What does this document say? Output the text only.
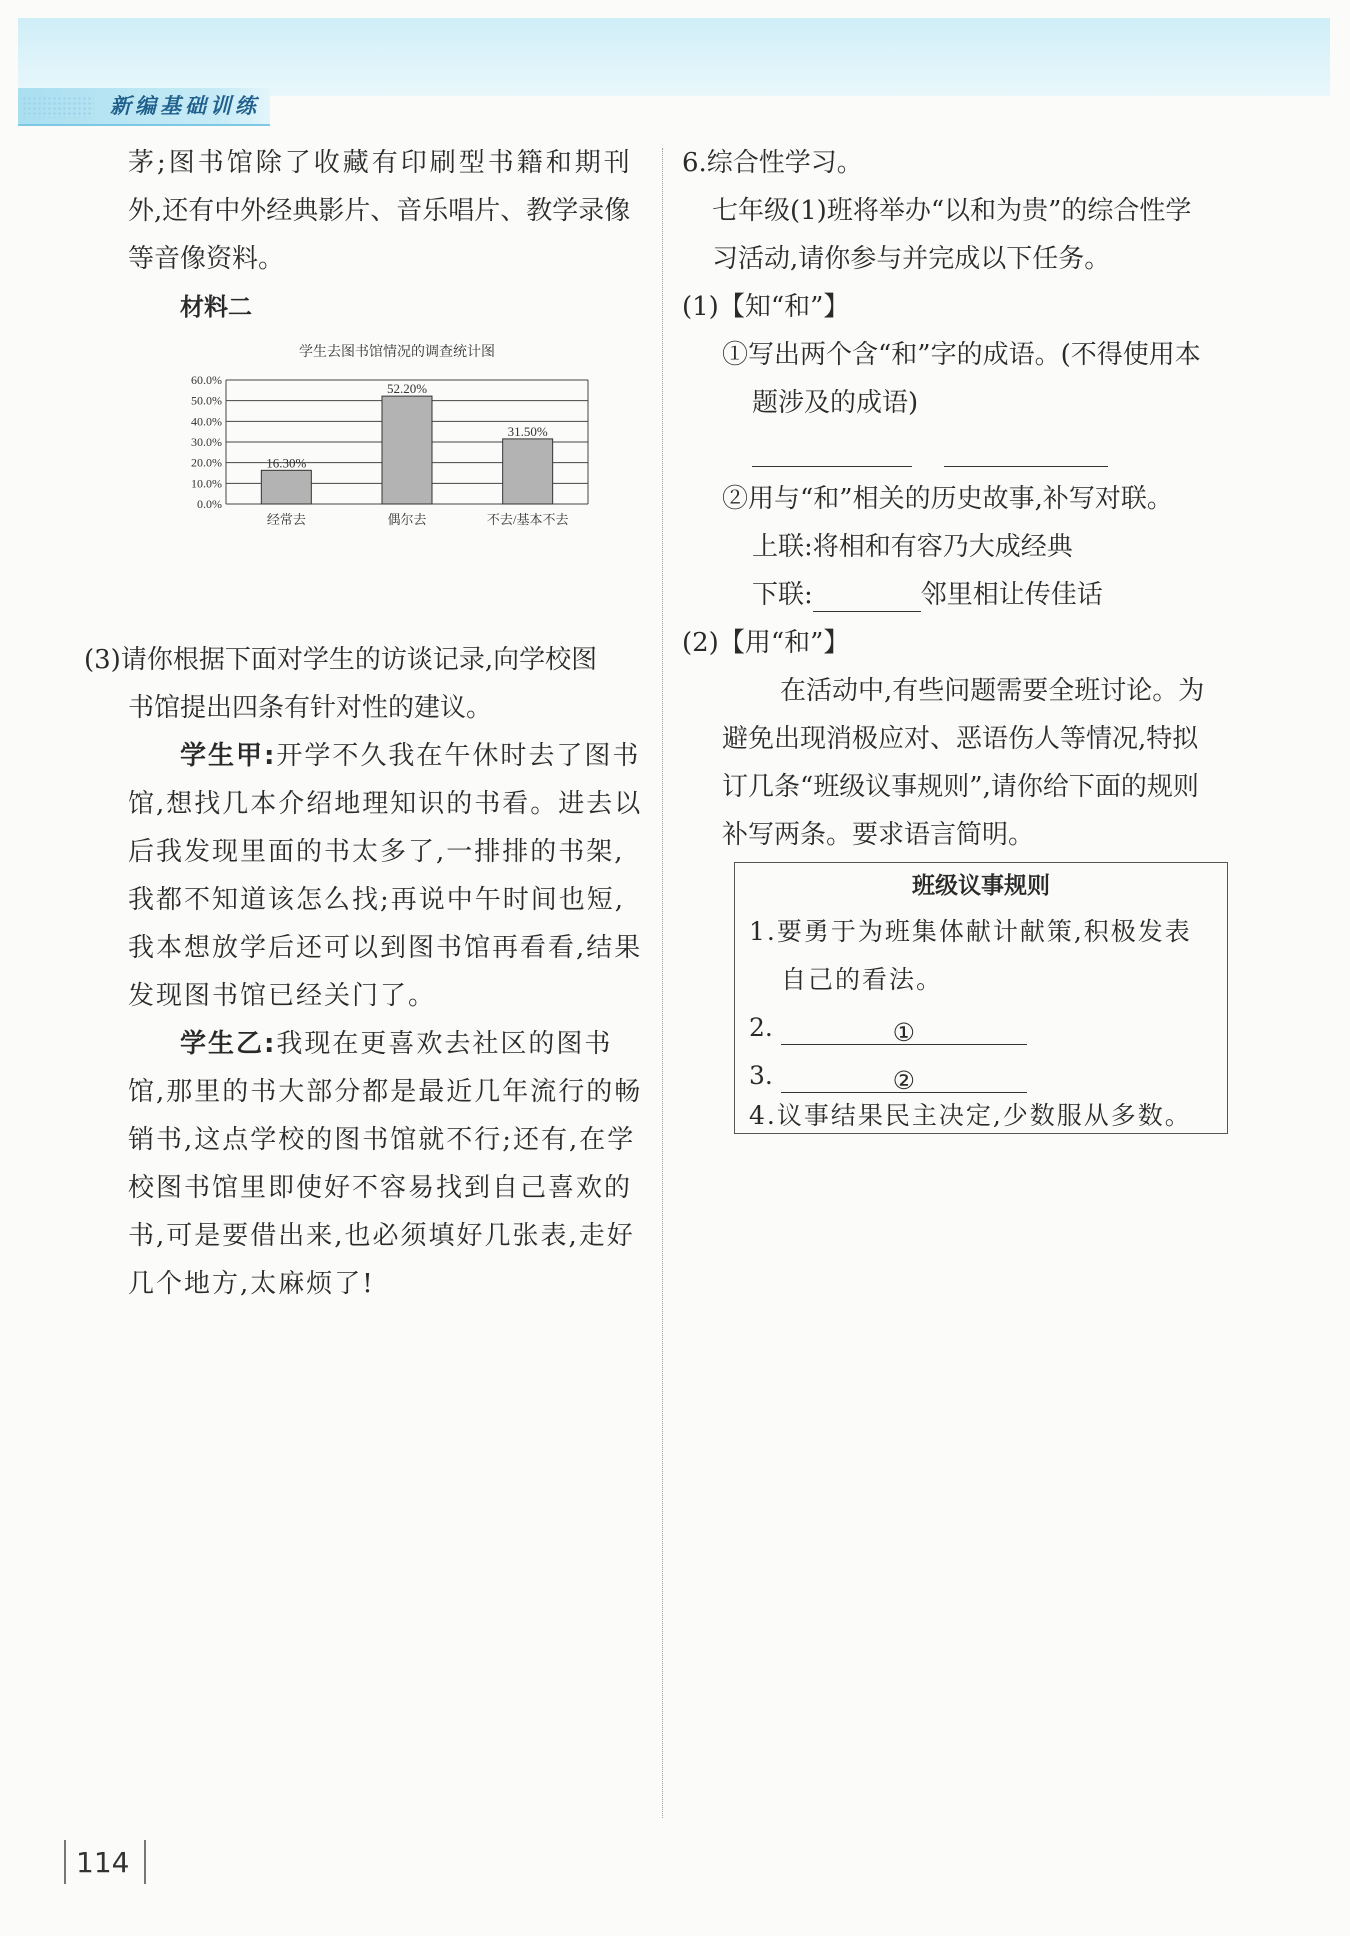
新编基础训练
茅;图书馆除了收藏有印刷型书籍和期刊
外,还有中外经典影片、音乐唱片、教学录像
等音像资料。
材料二
学生去图书馆情况的调查统计图
0.0%
10.0%
20.0%
30.0%
40.0%
50.0%
60.0%
16.30%
经常去
52.20%
偶尔去
31.50%
不去/基本不去
(3)请你根据下面对学生的访谈记录,向学校图
书馆提出四条有针对性的建议。
学生甲:开学不久我在午休时去了图书
馆,想找几本介绍地理知识的书看。进去以
后我发现里面的书太多了,一排排的书架,
我都不知道该怎么找;再说中午时间也短,
我本想放学后还可以到图书馆再看看,结果
发现图书馆已经关门了。
学生乙:我现在更喜欢去社区的图书
馆,那里的书大部分都是最近几年流行的畅
销书,这点学校的图书馆就不行;还有,在学
校图书馆里即使好不容易找到自己喜欢的
书,可是要借出来,也必须填好几张表,走好
几个地方,太麻烦了!
6.综合性学习。
七年级(1)班将举办“以和为贵”的综合性学
习活动,请你参与并完成以下任务。
(1)【知“和”】
①写出两个含“和”字的成语。(不得使用本
题涉及的成语)
②用与“和”相关的历史故事,补写对联。
上联:将相和有容乃大成经典
下联:	邻里相让传佳话
(2)【用“和”】
在活动中,有些问题需要全班讨论。为
避免出现消极应对、恶语伤人等情况,特拟
订几条“班级议事规则”,请你给下面的规则
补写两条。要求语言简明。
班级议事规则
1.要勇于为班集体献计献策,积极发表
自己的看法。
2.	①
3.	②
4.议事结果民主决定,少数服从多数。
114
